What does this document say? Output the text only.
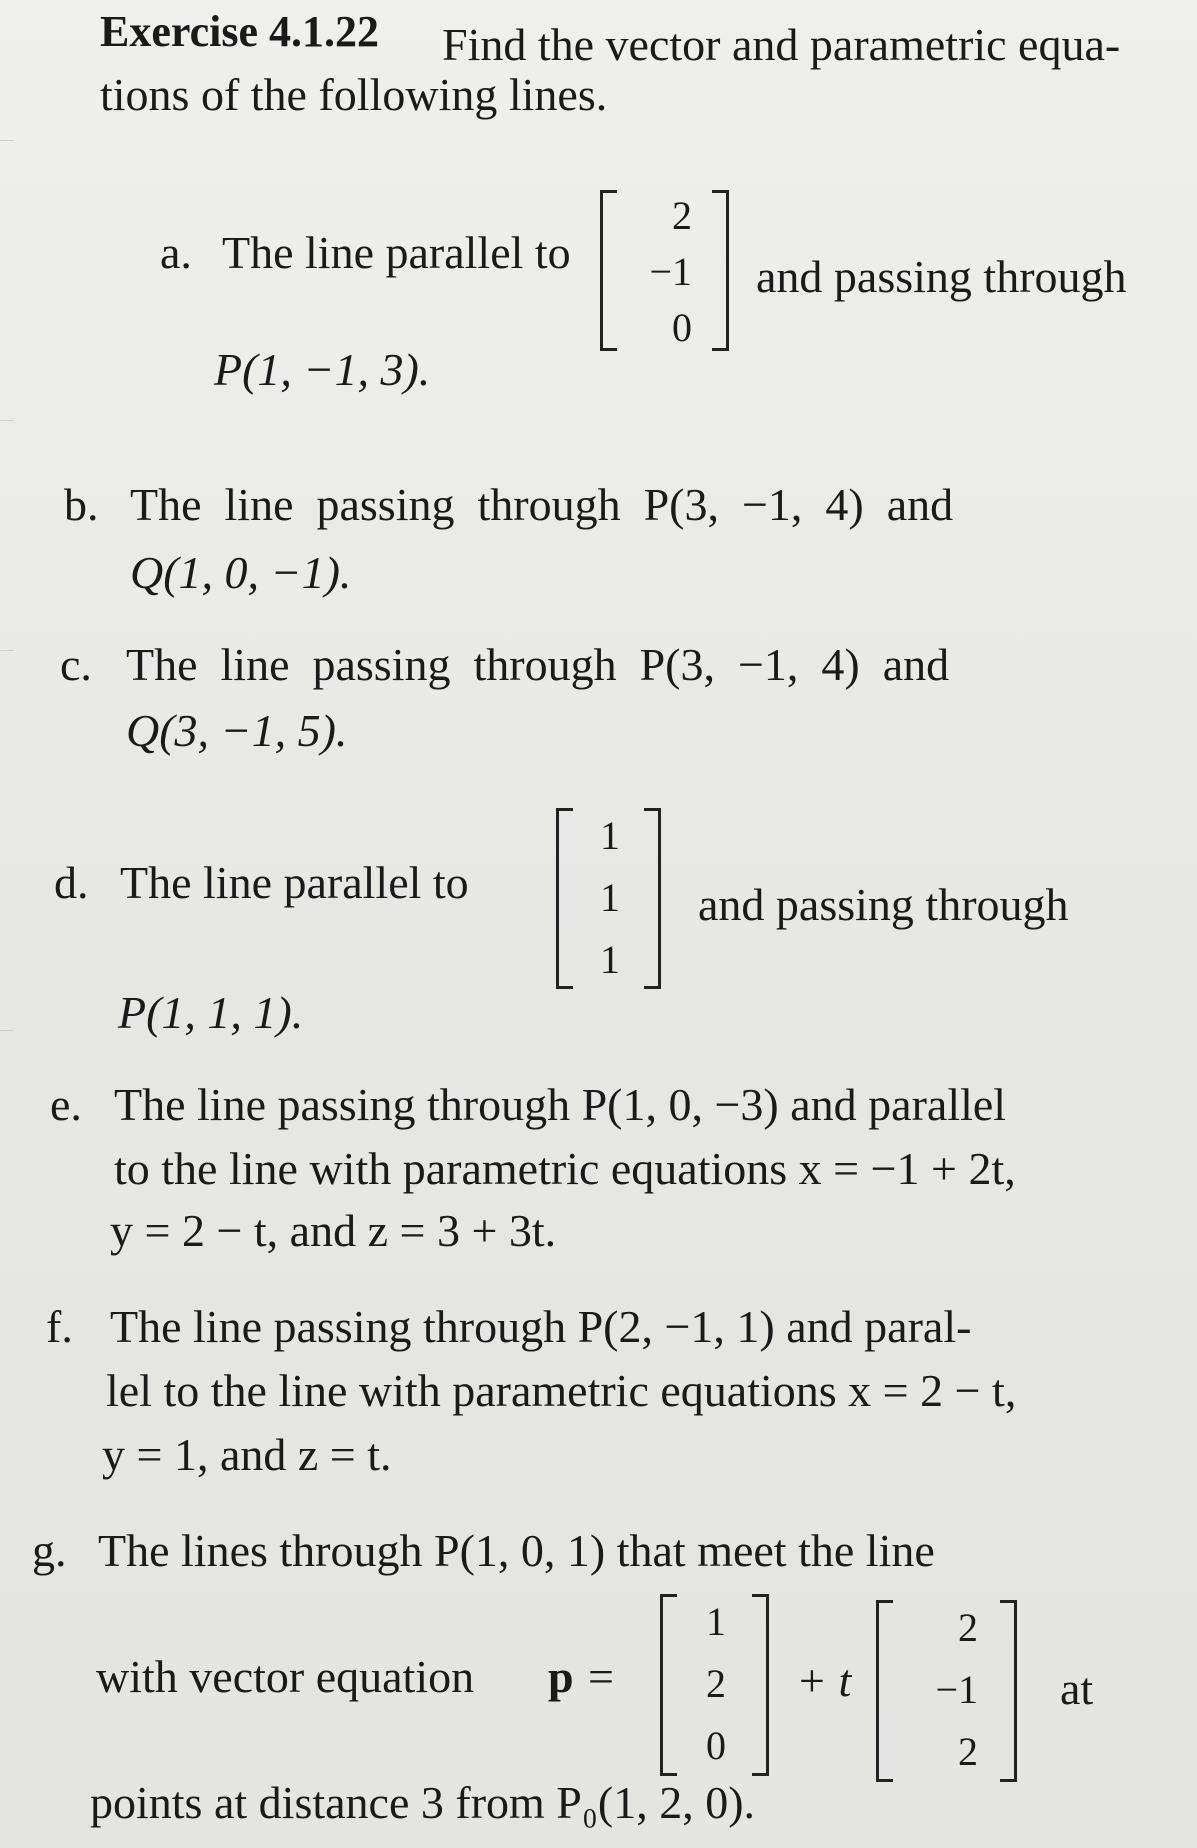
Exercise 4.1.22 Find the vector and parametric equa-
tions of the following lines.
a. The line parallel to
2
−1
0
and passing through
P(1, −1, 3).
b. The  line  passing  through  P(3,  −1,  4)  and
Q(1, 0, −1).
c. The  line  passing  through  P(3,  −1,  4)  and
Q(3, −1, 5).
d. The line parallel to
1
1
1
and passing through
P(1, 1, 1).
e. The line passing through P(1, 0, −3) and parallel
to the line with parametric equations x = −1 + 2t,
y = 2 − t, and z = 3 + 3t.
f. The line passing through P(2, −1, 1) and paral-
lel to the line with parametric equations x = 2 − t,
y = 1, and z = t.
g. The lines through P(1, 0, 1) that meet the line
with vector equation p =
1
2
0
+ t
2
−1
2
at
points at distance 3 from P₀(1, 2, 0).
